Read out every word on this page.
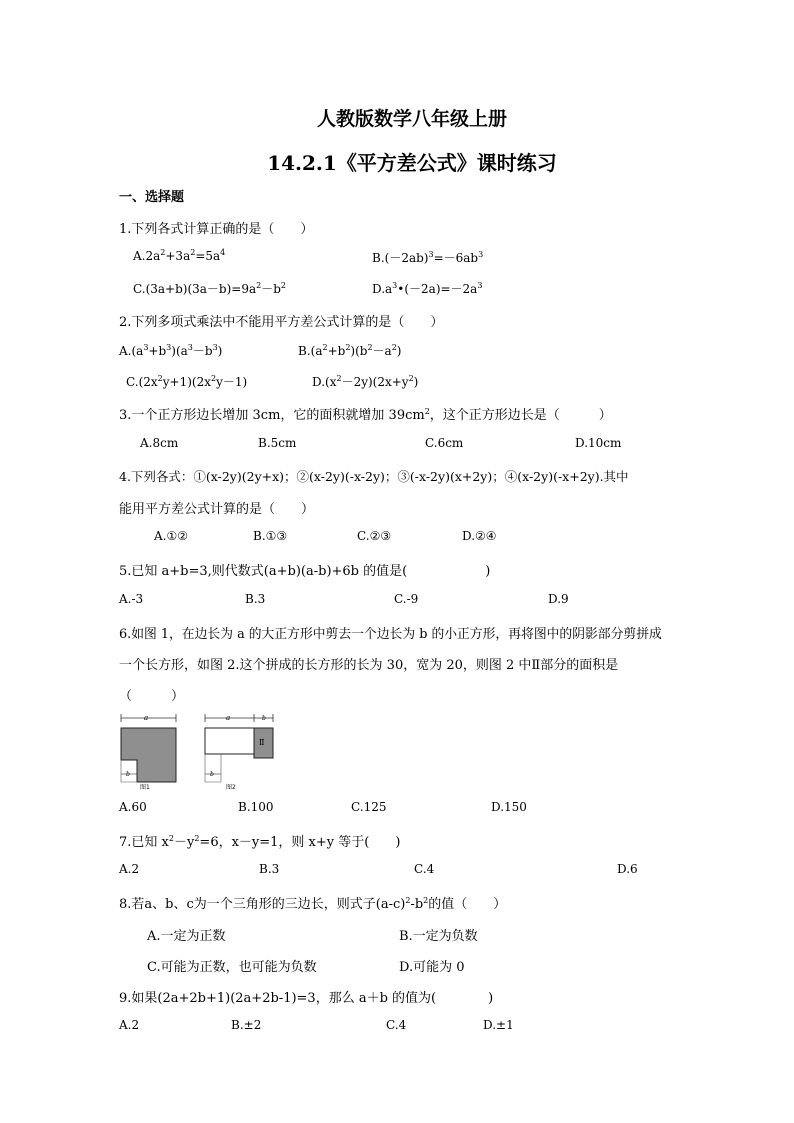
人教版数学八年级上册
14.2.1《平方差公式》课时练习
一、选择题
1.下列各式计算正确的是（　　）
$A.2a^2+3a^2=5a^4$	$B.(-2ab)^3=-6ab^3$
$C.(3a+b)(3a-b)=9a^2-b^2$	$D.a^3•(-2a)=-2a^3$
2.下列多项式乘法中不能用平方差公式计算的是（　　）
$A.(a^3+b^3)(a^3-b^3)$	$B.(a^2+b^2)(b^2-a^2)$
$C.(2x^2y+1)(2x^2y-1)$	$D.(x^2-2y)(2x+y^2)$
3.一个正方形边长增加 3cm，它的面积就增加 $39cm^2$，这个正方形边长是（　　　）
A.8cm	B.5cm	C.6cm	D.10cm
4.下列各式：①(x-2y)(2y+x)；②(x-2y)(-x-2y)；③(-x-2y)(x+2y)；④(x-2y)(-x+2y).其中
能用平方差公式计算的是（　　）
A.①②	B.①③	C.②③	D.②④
5.已知 a+b=3,则代数式(a+b)(a-b)+6b 的值是(　　　　　　)
A.-3	B.3	C.-9	D.9
6.如图 1，在边长为 a 的大正方形中剪去一个边长为 b 的小正方形，再将图中的阴影部分剪拼成
一个长方形，如图 2.这个拼成的长方形的长为 30，宽为 20，则图 2 中Ⅱ部分的面积是
（　　　）
a
b
图1
a	b
Ⅱ
b
图2
A.60	B.100	C.125	D.150
7.已知 $x^2-y^2=6$，x－y=1，则 x+y 等于(　　)
A.2	B.3	C.4	D.6
8.若a、b、c为一个三角形的三边长，则式子$(a-c)^2-b^2$的值（　　）
A.一定为正数	B.一定为负数
C.可能为正数，也可能为负数	D.可能为 0
9.如果(2a+2b+1)(2a+2b-1)=3，那么 a＋b 的值为(　　　　)
A.2	B.±2	C.4	D.±1
